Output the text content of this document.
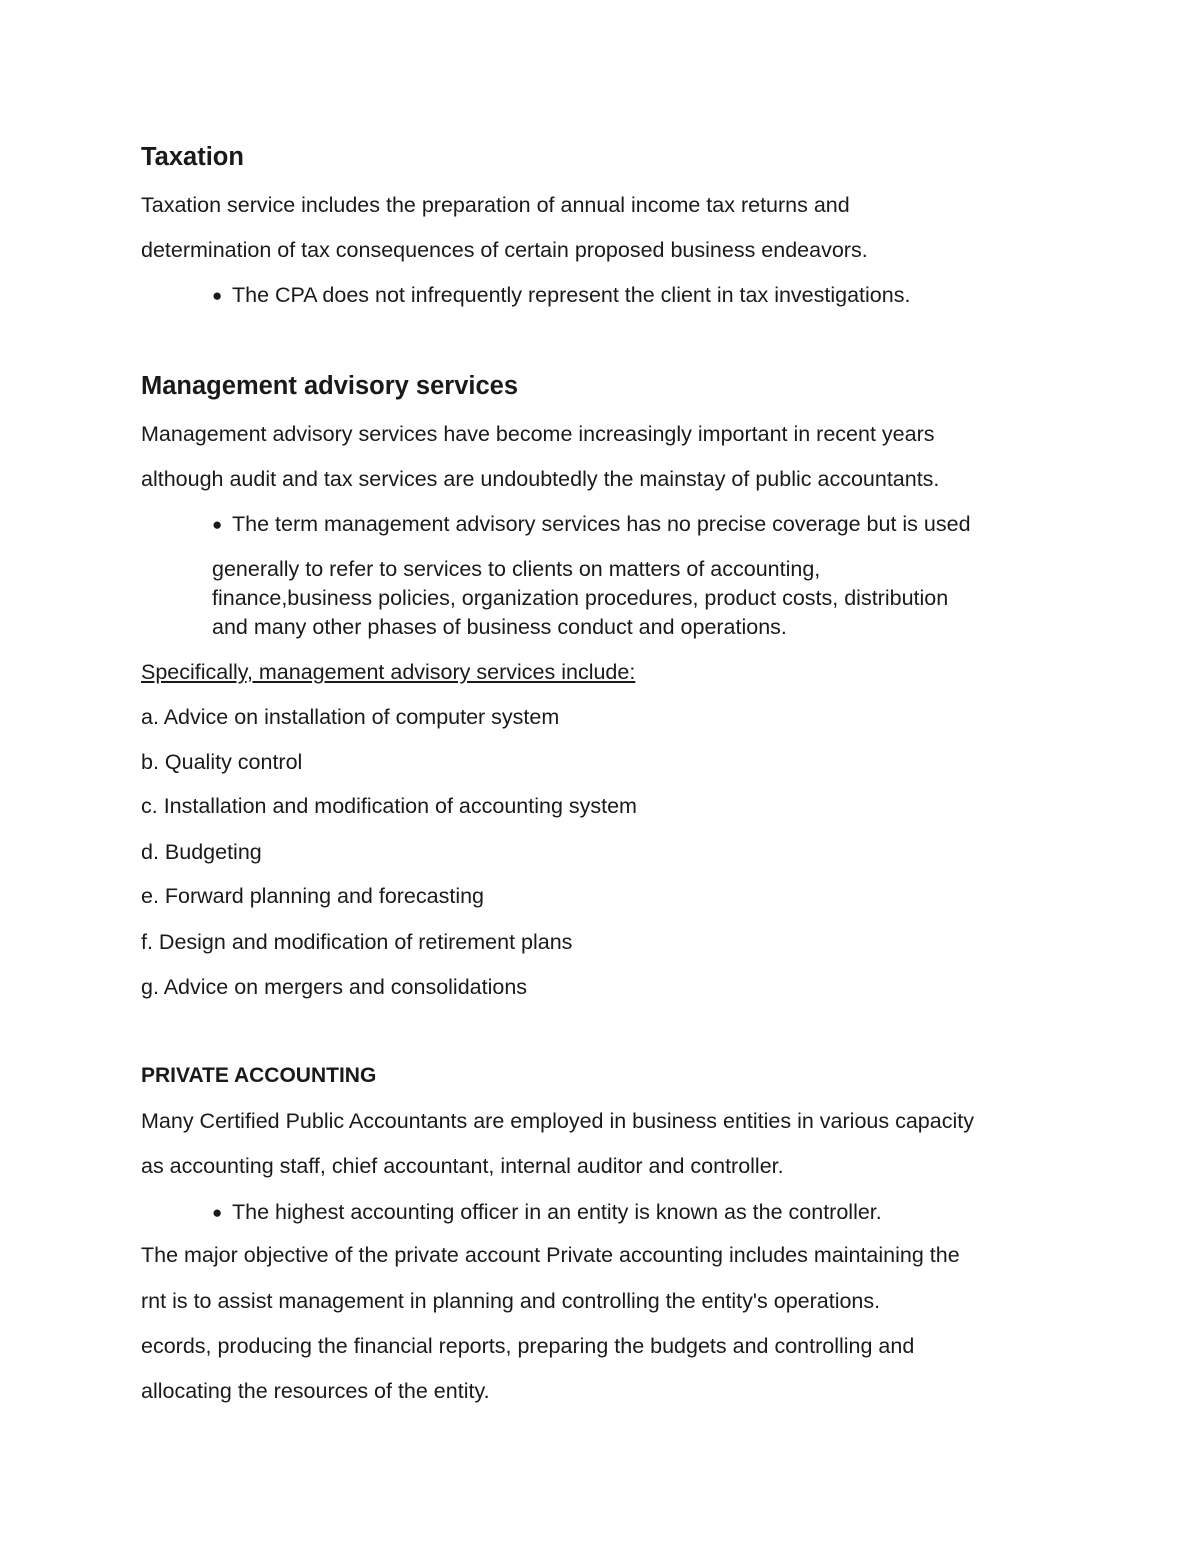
Taxation
Taxation service includes the preparation of annual income tax returns and
determination of tax consequences of certain proposed business endeavors.
● The CPA does not infrequently represent the client in tax investigations.
Management advisory services
Management advisory services have become increasingly important in recent years
although audit and tax services are undoubtedly the mainstay of public accountants.
● The term management advisory services has no precise coverage but is used
generally to refer to services to clients on matters of accounting,
finance,business policies, organization procedures, product costs, distribution
and many other phases of business conduct and operations.
Specifically, management advisory services include:
a. Advice on installation of computer system
b. Quality control
c. Installation and modification of accounting system
d. Budgeting
e. Forward planning and forecasting
f. Design and modification of retirement plans
g. Advice on mergers and consolidations
PRIVATE ACCOUNTING
Many Certified Public Accountants are employed in business entities in various capacity
as accounting staff, chief accountant, internal auditor and controller.
● The highest accounting officer in an entity is known as the controller.
The major objective of the private account Private accounting includes maintaining the
rnt is to assist management in planning and controlling the entity's operations.
ecords, producing the financial reports, preparing the budgets and controlling and
allocating the resources of the entity.
